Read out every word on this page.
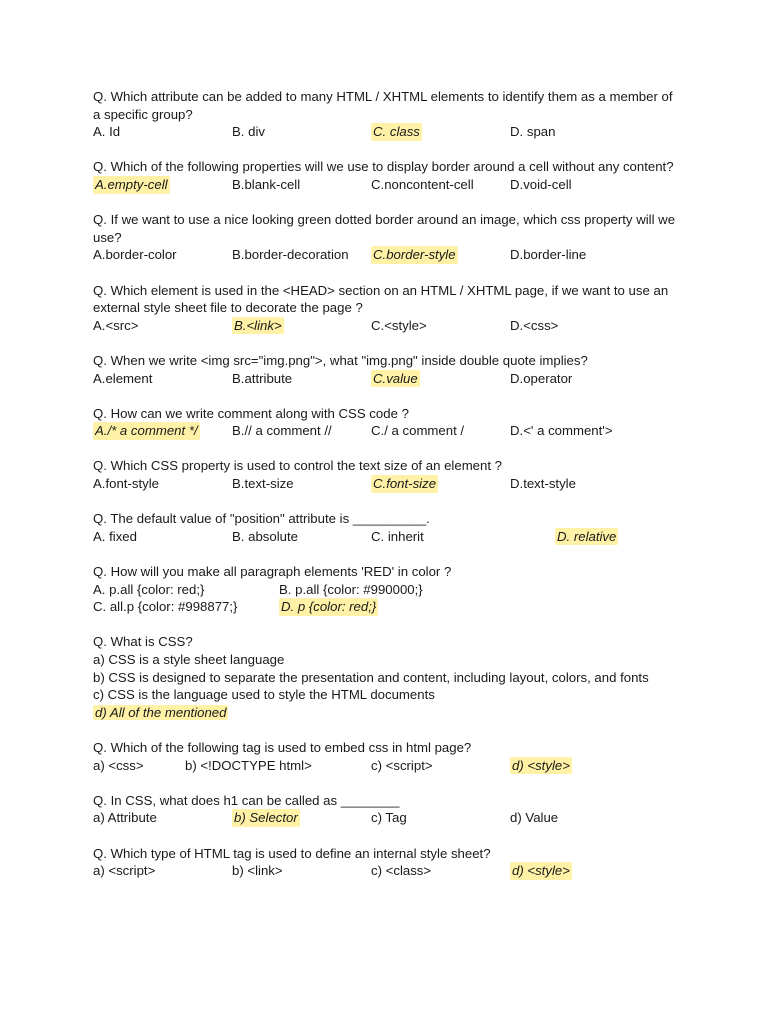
Q. Which attribute can be added to many HTML / XHTML elements to identify them as a member of a specific group?
A. Id	B. div	C. class	D. span
Q. Which of the following properties will we use to display border around a cell without any content?
A.empty-cell	B.blank-cell	C.noncontent-cell	D.void-cell
Q. If we want to use a nice looking green dotted border around an image, which css property will we use?
A.border-color	B.border-decoration C.border-style	D.border-line
Q. Which element is used in the <HEAD> section on an HTML / XHTML page, if we want to use an external style sheet file to decorate the page ?
A.<src>	B.<link>	C.<style>	D.<css>
Q. When we write <img src="img.png">, what "img.png" inside double quote implies?
A.element	B.attribute	C.value	D.operator
Q. How can we write comment along with CSS code ?
A./* a comment */	B.// a comment //	C./ a comment /	D.<' a comment'>
Q. Which CSS property is used to control the text size of an element ?
A.font-style	B.text-size	C.font-size	D.text-style
Q. The default value of "position" attribute is __________.
A. fixed	B. absolute	C. inherit	D. relative
Q. How will you make all paragraph elements 'RED' in color ?
A. p.all {color: red;}	B. p.all {color: #990000;}
C. all.p {color: #998877;}	D. p {color: red;}
Q. What is CSS?
a) CSS is a style sheet language
b) CSS is designed to separate the presentation and content, including layout, colors, and fonts
c) CSS is the language used to style the HTML documents
d) All of the mentioned
Q. Which of the following tag is used to embed css in html page?
a) <css>	b) <!DOCTYPE html>	c) <script>	d) <style>
Q. In CSS, what does h1 can be called as ________
a) Attribute	b) Selector	c) Tag	d) Value
Q. Which type of HTML tag is used to define an internal style sheet?
a) <script>	b) <link>	c) <class>	d) <style>
